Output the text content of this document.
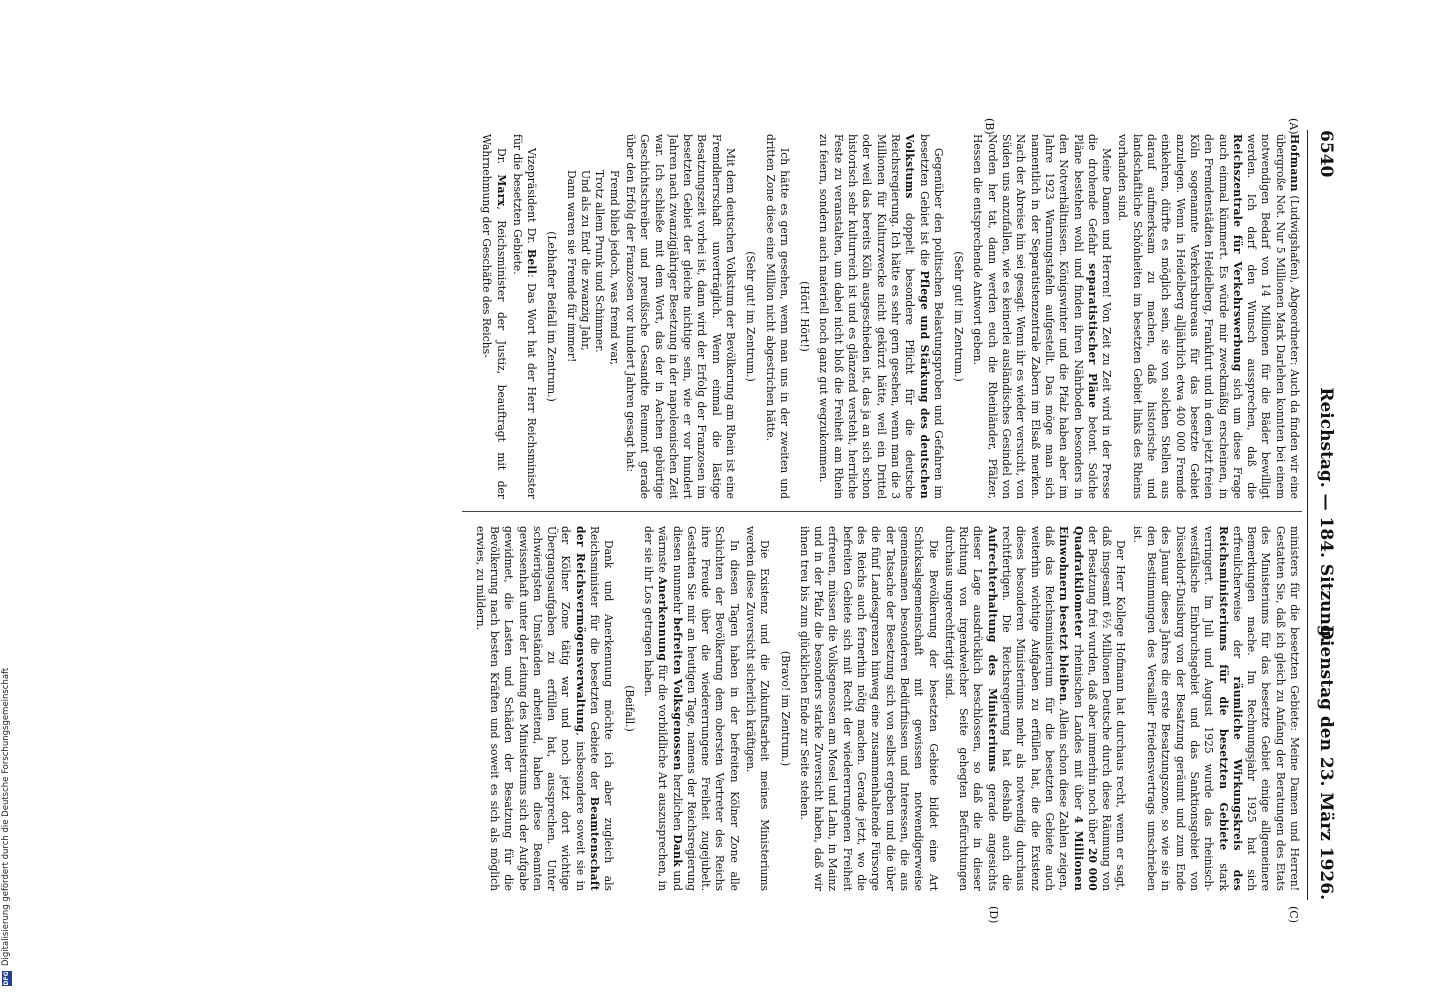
6540
Reichstag. — 184. Sitzung.
Dienstag den 23. März 1926.
(A)
(B)
(C)
(D)

Hofmann (Ludwigshafen), Abgeordneter: Auch da finden wir eine übergroße Not. Nur 5 Millionen Mark Darlehen konnten bei einem notwendigen Bedarf von 14 Millionen für die Bäder bewilligt werden. Ich darf den Wunsch aussprechen, daß die Reichszentrale für Verkehrswerbung sich um diese Frage auch einmal kümmert. Es würde mir zweckmäßig erscheinen, in den Fremdenstädten Heidelberg, Frankfurt und in dem jetzt freien Köln sogenannte Verkehrsbureaus für das besetzte Gebiet anzulegen. Wenn in Heidelberg alljährlich etwa 400 000 Fremde einkehren, dürfte es möglich sein, sie von solchen Stellen aus darauf aufmerksam zu machen, daß historische und landschaftliche Schönheiten im besetzten Gebiet links des Rheins vorhanden sind.

Meine Damen und Herren! Von Zeit zu Zeit wird in der Presse die drohende Gefahr separatistischer Pläne betont. Solche Pläne bestehen wohl und finden ihren Nährboden besonders in den Notverhältnissen. Königswinter und die Pfalz haben aber im Jahre 1923 Warnungstafeln aufgestellt. Das möge man sich namentlich in der Separatistenzentrale Zabern im Elsaß merken. Nach der Abreise hin sei gesagt: Wenn ihr es wieder versucht, von Süden uns anzufallen, wie es keinerlei ausländisches Gesindel von Norden her tat, dann werden euch die Rheinländer, Pfälzer, Hessen die entsprechende Antwort geben.

(Sehr gut! im Zentrum.)

Gegenüber den politischen Belastungsproben und Gefahren im besetzten Gebiet ist die Pflege und Stärkung des deutschen Volkstums doppelt besondere Pflicht für die deutsche Reichsregierung. Ich hätte es sehr gern gesehen, wenn man die 3 Millionen für Kulturzwecke nicht gekürzt hätte, weil ein Drittel oder weil das bereits Köln ausgeschieden ist, das ja an sich schon historisch sehr kulturreich ist und es glänzend versteht, herrliche Feste zu veranstalten, um dabei nicht bloß die Freiheit am Rhein zu feiern, sondern auch materiell noch ganz gut wegzukommen.

(Hört! Hört!)

Ich hätte es gern gesehen, wenn man uns in der zweiten und dritten Zone diese eine Million nicht abgestrichen hätte.

(Sehr gut! im Zentrum.)

Mit dem deutschen Volkstum der Bevölkerung am Rhein ist eine Fremdherrschaft unverträglich. Wenn einmal die lästige Besatzungszeit vorbei ist, dann wird der Erfolg der Franzosen im besetzten Gebiet der gleiche nichtige sein, wie er vor hundert Jahren nach zwanzigjähriger Besetzung in der napoleonischen Zeit war. Ich schließe mit dem Wort, das der in Aachen gebürtige Geschichtschreiber und preußische Gesandte Reumont gerade über den Erfolg der Franzosen vor hundert Jahren gesagt hat:

Fremd blieb jedoch, was fremd war,

Trotz allem Prunk und Schimmer.

Und als zu End' die zwanzig Jahr,

Dann waren sie Fremde für immer!

(Lebhafter Beifall im Zentrum.)

Vizepräsident Dr. Bell: Das Wort hat der Herr Reichsminister für die besetzten Gebiete.

Dr. Marx, Reichsminister der Justiz, beauftragt mit der Wahrnehmung der Geschäfte des Reichs-

ministers für die besetzten Gebiete: Meine Damen und Herren! Gestatten Sie, daß ich gleich zu Anfang der Beratungen des Etats des Ministeriums für das besetzte Gebiet einige allgemeinere Bemerkungen mache. Im Rechnungsjahr 1925 hat sich erfreulicherweise der räumliche Wirkungskreis des Reichsministeriums für die besetzten Gebiete stark verringert. Im Juli und August 1925 wurde das rheinisch-westfälische Einbruchsgebiet und das Sanktionsgebiet von Düsseldorf-Duisburg von der Besatzung geräumt und zum Ende des Januar dieses Jahres die erste Besatzungszone, so wie sie in den Bestimmungen des Versailler Friedensvertrags umschrieben ist.

Der Herr Kollege Hofmann hat durchaus recht, wenn er sagt, daß insgesamt 6½ Millionen Deutsche durch diese Räumung von der Besatzung frei wurden, daß aber immerhin noch über 20 000 Quadratkilometer rheinischen Landes mit über 4 Millionen Einwohnern besetzt bleiben. Allein schon diese Zahlen zeigen, daß das Reichsministerium für die besetzten Gebiete auch weiterhin wichtige Aufgaben zu erfüllen hat, die die Existenz dieses besonderen Ministeriums mehr als notwendig durchaus rechtfertigen. Die Reichsregierung hat deshalb auch die Aufrechterhaltung des Ministeriums gerade angesichts dieser Lage ausdrücklich beschlossen, so daß die in dieser Richtung von irgendwelcher Seite gehegten Befürchtungen durchaus ungerechtfertigt sind.

Die Bevölkerung der besetzten Gebiete bildet eine Art Schicksalsgemeinschaft mit gewissen notwendigerweise gemeinsamen besonderen Bedürfnissen und Interessen, die aus der Tatsache der Besetzung sich von selbst ergeben und die über die fünf Landesgrenzen hinweg eine zusammenhaltende Fürsorge des Reichs auch fernerhin nötig machen. Gerade jetzt, wo die befreiten Gebiete sich mit Recht der wiedererrungenen Freiheit erfreuen, müssen die Volksgenossen am Mosel und Lahn, in Mainz und in der Pfalz die besonders starke Zuversicht haben, daß wir ihnen treu bis zum glücklichen Ende zur Seite stehen.

(Bravo! im Zentrum.)

Die Existenz und die Zukunftsarbeit meines Ministeriums werden diese Zuversicht sicherlich kräftigen.

In diesen Tagen haben in der befreiten Kölner Zone alle Schichten der Bevölkerung dem obersten Vertreter des Reichs ihre Freude über die wiedererrungene Freiheit zugejubelt. Gestatten Sie mir an heutigen Tage, namens der Reichsregierung diesen nunmehr befreiten Volksgenossen herzlichen Dank und wärmste Anerkennung für die vorbildliche Art auszusprechen, in der sie ihr Los getragen haben.

(Beifall.)

Dank und Anerkennung möchte ich aber zugleich als Reichsminister für die besetzten Gebiete der Beamtenschaft der Reichsvermögensverwaltung, insbesondere soweit sie in der Kölner Zone tätig war und noch jetzt dort wichtige Übergangsaufgaben zu erfüllen hat, aussprechen. Unter schwierigsten Umständen arbeitend, haben diese Beamten gewissenhaft unter der Leitung des Ministeriums sich der Aufgabe gewidmet, die Lasten und Schäden der Besatzung für die Bevölkerung nach besten Kräften und soweit es sich als möglich erwies, zu mildern.

DFG
Digitalisierung gefördert durch die Deutsche Forschungsgemeinschaft
